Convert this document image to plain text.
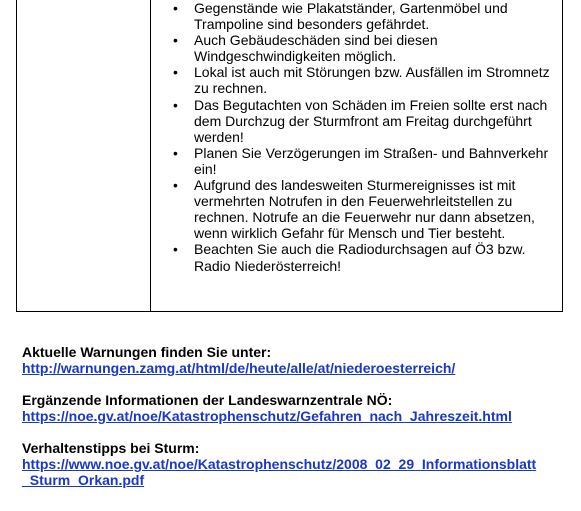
• Gegenstände wie Plakatständer, Gartenmöbel und Trampoline sind besonders gefährdet.
• Auch Gebäudeschäden sind bei diesen Windgeschwindigkeiten möglich.
• Lokal ist auch mit Störungen bzw. Ausfällen im Stromnetz zu rechnen.
• Das Begutachten von Schäden im Freien sollte erst nach dem Durchzug der Sturmfront am Freitag durchgeführt werden!
• Planen Sie Verzögerungen im Straßen- und Bahnverkehr ein!
• Aufgrund des landesweiten Sturmereignisses ist mit vermehrten Notrufen in den Feuerwehrleitstellen zu rechnen. Notrufe an die Feuerwehr nur dann absetzen, wenn wirklich Gefahr für Mensch und Tier besteht.
• Beachten Sie auch die Radiodurchsagen auf Ö3 bzw. Radio Niederösterreich!
Aktuelle Warnungen finden Sie unter:
http://warnungen.zamg.at/html/de/heute/alle/at/niederoesterreich/
Ergänzende Informationen der Landeswarnzentrale NÖ:
https://noe.gv.at/noe/Katastrophenschutz/Gefahren_nach_Jahreszeit.html
Verhaltenstipps bei Sturm:
https://www.noe.gv.at/noe/Katastrophenschutz/2008_02_29_Informationsblatt_Sturm_Orkan.pdf
